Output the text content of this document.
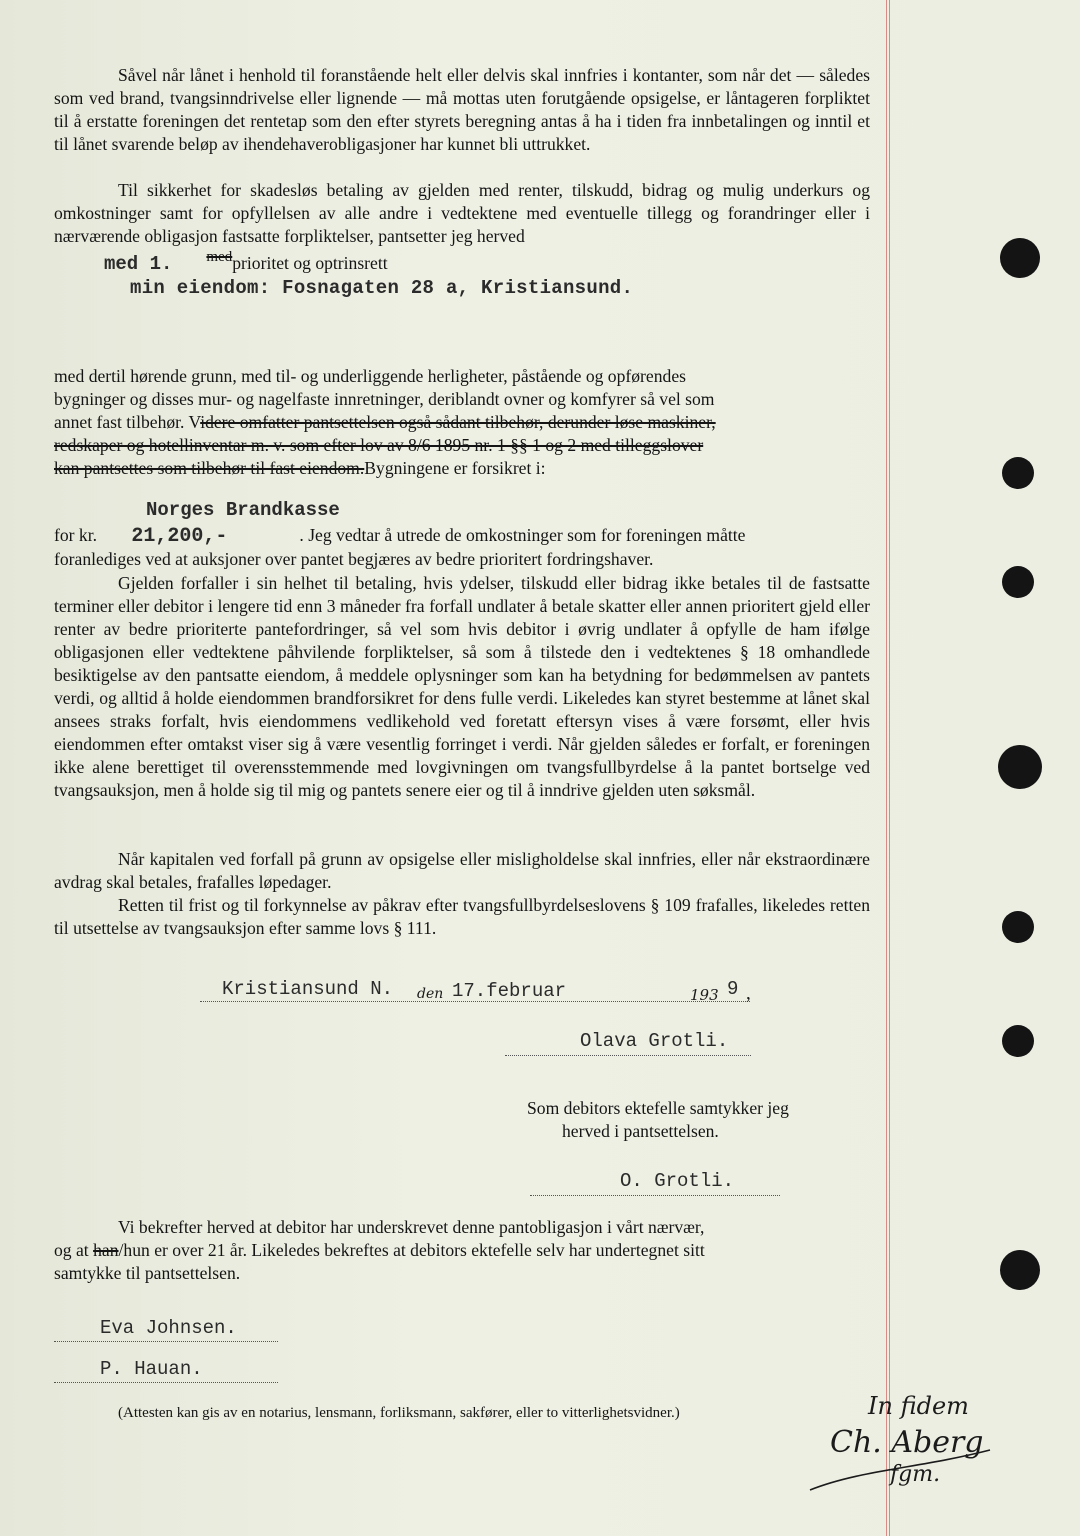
Såvel når lånet i henhold til foranstående helt eller delvis skal innfries i kontanter, som når det — således som ved brand, tvangsinndrivelse eller lignende — må mottas uten forutgående opsigelse, er låntageren forpliktet til å erstatte foreningen det rentetap som den efter styrets beregning antas å ha i tiden fra innbetalingen og inntil et til lånet svarende beløp av ihendehaverobligasjoner har kunnet bli uttrukket.
Til sikkerhet for skadesløs betaling av gjelden med renter, tilskudd, bidrag og mulig underkurs og omkostninger samt for opfyllelsen av alle andre i vedtektene med eventuelle tillegg og forandringer eller i nærværende obligasjon fastsatte forpliktelser, pantsetter jeg herved
med 1. medprioritet og optrinsrett
min eiendom: Fosnagaten 28 a, Kristiansund.
med dertil hørende grunn, med til- og underliggende herligheter, påstående og opførendes
bygninger og disses mur- og nagelfaste innretninger, deriblandt ovner og komfyrer så vel som
annet fast tilbehør. Videre omfatter pantsettelsen også sådant tilbehør, derunder løse maskiner,
redskaper og hotellinventar m. v. som efter lov av 8/6 1895 nr. 1 §§ 1 og 2 med tilleggslover
kan pantsettes som tilbehør til fast eiendom.Bygningene er forsikret i:
Norges Brandkasse
for kr. 21,200,-	. Jeg vedtar å utrede de omkostninger som for foreningen måtte
foranlediges ved at auksjoner over pantet begjæres av bedre prioritert fordringshaver.
Gjelden forfaller i sin helhet til betaling, hvis ydelser, tilskudd eller bidrag ikke betales til de fastsatte terminer eller debitor i lengere tid enn 3 måneder fra forfall undlater å betale skatter eller annen prioritert gjeld eller renter av bedre prioriterte pantefordringer, så vel som hvis debitor i øvrig undlater å opfylle de ham ifølge obligasjonen eller vedtektene påhvilende forpliktelser, så som å tilstede den i vedtektenes § 18 omhandlede besiktigelse av den pantsatte eiendom, å meddele oplysninger som kan ha betydning for bedømmelsen av pantets verdi, og alltid å holde eiendommen brandforsikret for dens fulle verdi. Likeledes kan styret bestemme at lånet skal ansees straks forfalt, hvis eiendommens vedlikehold ved foretatt eftersyn vises å være forsømt, eller hvis eiendommen efter omtakst viser sig å være vesentlig forringet i verdi. Når gjelden således er forfalt, er foreningen ikke alene berettiget til overensstemmende med lovgivningen om tvangsfullbyrdelse å la pantet bortselge ved tvangsauksjon, men å holde sig til mig og pantets senere eier og til å inndrive gjelden uten søksmål.
Når kapitalen ved forfall på grunn av opsigelse eller misligholdelse skal innfries, eller når ekstraordinære avdrag skal betales, frafalles løpedager.
Retten til frist og til forkynnelse av påkrav efter tvangsfullbyrdelseslovens § 109 frafalles, likeledes retten til utsettelse av tvangsauksjon efter samme lovs § 111.
Kristiansund N. den 17.februar	193 9 ,
Olava Grotli.
Som debitors ektefelle samtykker jeg
herved i pantsettelsen.
O. Grotli.
Vi bekrefter herved at debitor har underskrevet denne pantobligasjon i vårt nærvær,
og at han/hun er over 21 år. Likeledes bekreftes at debitors ektefelle selv har undertegnet sitt
samtykke til pantsettelsen.
Eva Johnsen.
P. Hauan.
(Attesten kan gis av en notarius, lensmann, forliksmann, sakfører, eller to vitterlighetsvidner.)	In fidem
Ch. Aberg
fgm.
